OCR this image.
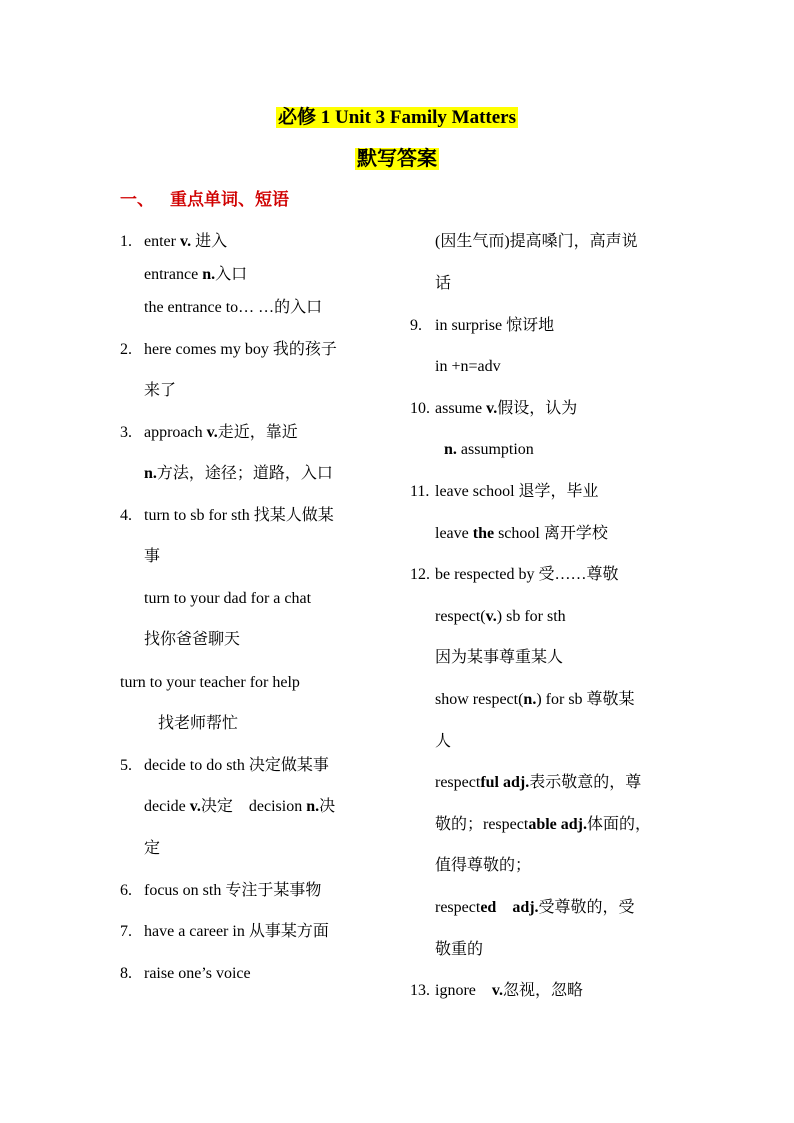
必修 1 Unit 3 Family Matters
默写答案
一、 重点单词、短语
1. enter v. 进入
entrance n.入口
the entrance to… …的入口
2. here comes my boy 我的孩子
来了
3. approach v.走近，靠近
n.方法，途径；道路，入口
4. turn to sb for sth 找某人做某
事
turn to your dad for a chat
找你爸爸聊天
turn to your teacher for help
找老师帮忙
5. decide to do sth 决定做某事
decide v.决定    decision n.决
定
6. focus on sth 专注于某事物
7. have a career in 从事某方面
8. raise one’s voice
(因生气而)提高嗓门，高声说
话
9. in surprise 惊讶地
in +n=adv
10. assume v.假设，认为
n. assumption
11. leave school 退学，毕业
leave the school 离开学校
12. be respected by 受……尊敬
respect(v.) sb for sth
因为某事尊重某人
show respect(n.) for sb 尊敬某
人
respectful adj.表示敬意的，尊
敬的；respectable adj.体面的，
值得尊敬的；
respected adj.受尊敬的，受
敬重的
13. ignore    v.忽视，忽略
